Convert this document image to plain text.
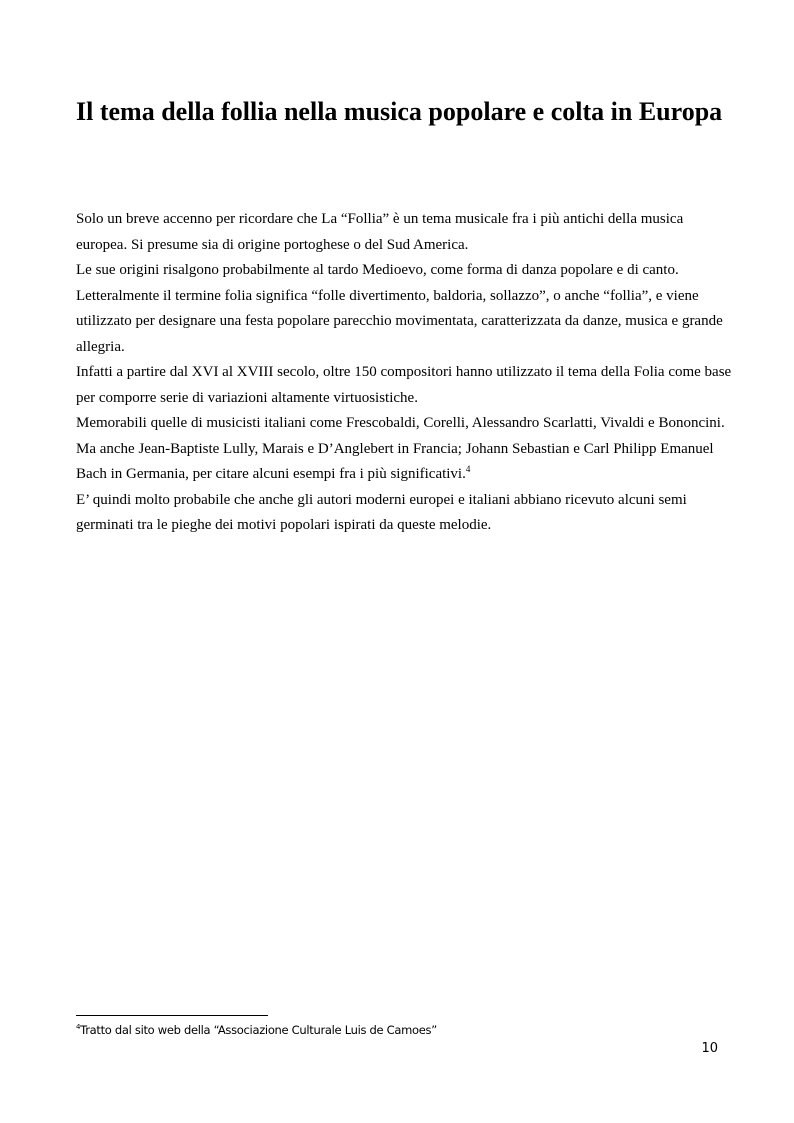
Il tema della follia nella musica popolare e colta in Europa

Solo un breve accenno per ricordare che La “Follia” è un tema musicale fra i più antichi della musica europea. Si presume sia di origine portoghese o del Sud America.

Le sue origini risalgono probabilmente al tardo Medioevo, come forma di danza popolare e di canto.

Letteralmente il termine folia significa “folle divertimento, baldoria, sollazzo”, o anche “follia”, e viene utilizzato per designare una festa popolare parecchio movimentata, caratterizzata da danze, musica e grande allegria.

Infatti a partire dal XVI al XVIII secolo, oltre 150 compositori hanno utilizzato il tema della Folia come base per comporre serie di variazioni altamente virtuosistiche.

Memorabili quelle di musicisti italiani come Frescobaldi, Corelli, Alessandro Scarlatti, Vivaldi e Bononcini.

Ma anche Jean-Baptiste Lully, Marais e D’Anglebert in Francia; Johann Sebastian e Carl Philipp Emanuel Bach in Germania, per citare alcuni esempi fra i più significativi.$^4$

E’ quindi molto probabile che anche gli autori moderni europei e italiani abbiano ricevuto alcuni semi germinati tra le pieghe dei motivi popolari ispirati da queste melodie.

$^4$Tratto dal sito web della “Associazione Culturale Luis de Camoes”
10
